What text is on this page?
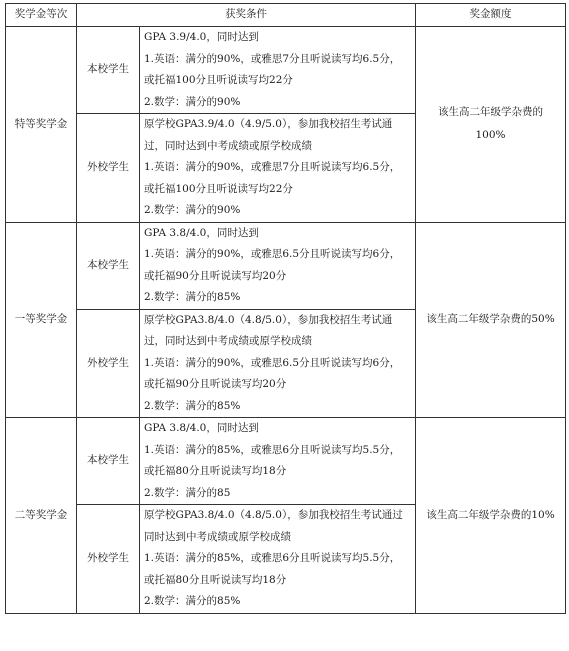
奖学金等次	获奖条件		奖金额度
特等奖学金	本校学生	GPA 3.9/4.0，同时达到
1.英语：满分的90%，或雅思7分且听说读写均6.5分，
或托福100分且听说读写均22分
2.数学：满分的90%	该生高二年级学杂费的
100%

	外校学生	原学校GPA3.9/4.0（4.9/5.0），参加我校招生考试通
过，同时达到中考成绩或原学校成绩
1.英语：满分的90%，或雅思7分且听说读写均6.5分，
或托福100分且听说读写均22分
2.数学：满分的90%	

一等奖学金	本校学生	GPA 3.8/4.0，同时达到
1.英语：满分的90%，或雅思6.5分且听说读写均6分，
或托福90分且听说读写均20分
2.数学：满分的85%	该生高二年级学杂费的50%

	外校学生	原学校GPA3.8/4.0（4.8/5.0），参加我校招生考试通
过，同时达到中考成绩或原学校成绩
1.英语：满分的90%，或雅思6.5分且听说读写均6分，
或托福90分且听说读写均20分
2.数学：满分的85%	

二等奖学金	本校学生	GPA 3.8/4.0，同时达到
1.英语：满分的85%，或雅思6分且听说读写均5.5分，
或托福80分且听说读写均18分
2.数学：满分的85	该生高二年级学杂费的10%

	外校学生	原学校GPA3.8/4.0（4.8/5.0），参加我校招生考试通过
同时达到中考成绩或原学校成绩
1.英语：满分的85%，或雅思6分且听说读写均5.5分，
或托福80分且听说读写均18分
2.数学：满分的85%	
